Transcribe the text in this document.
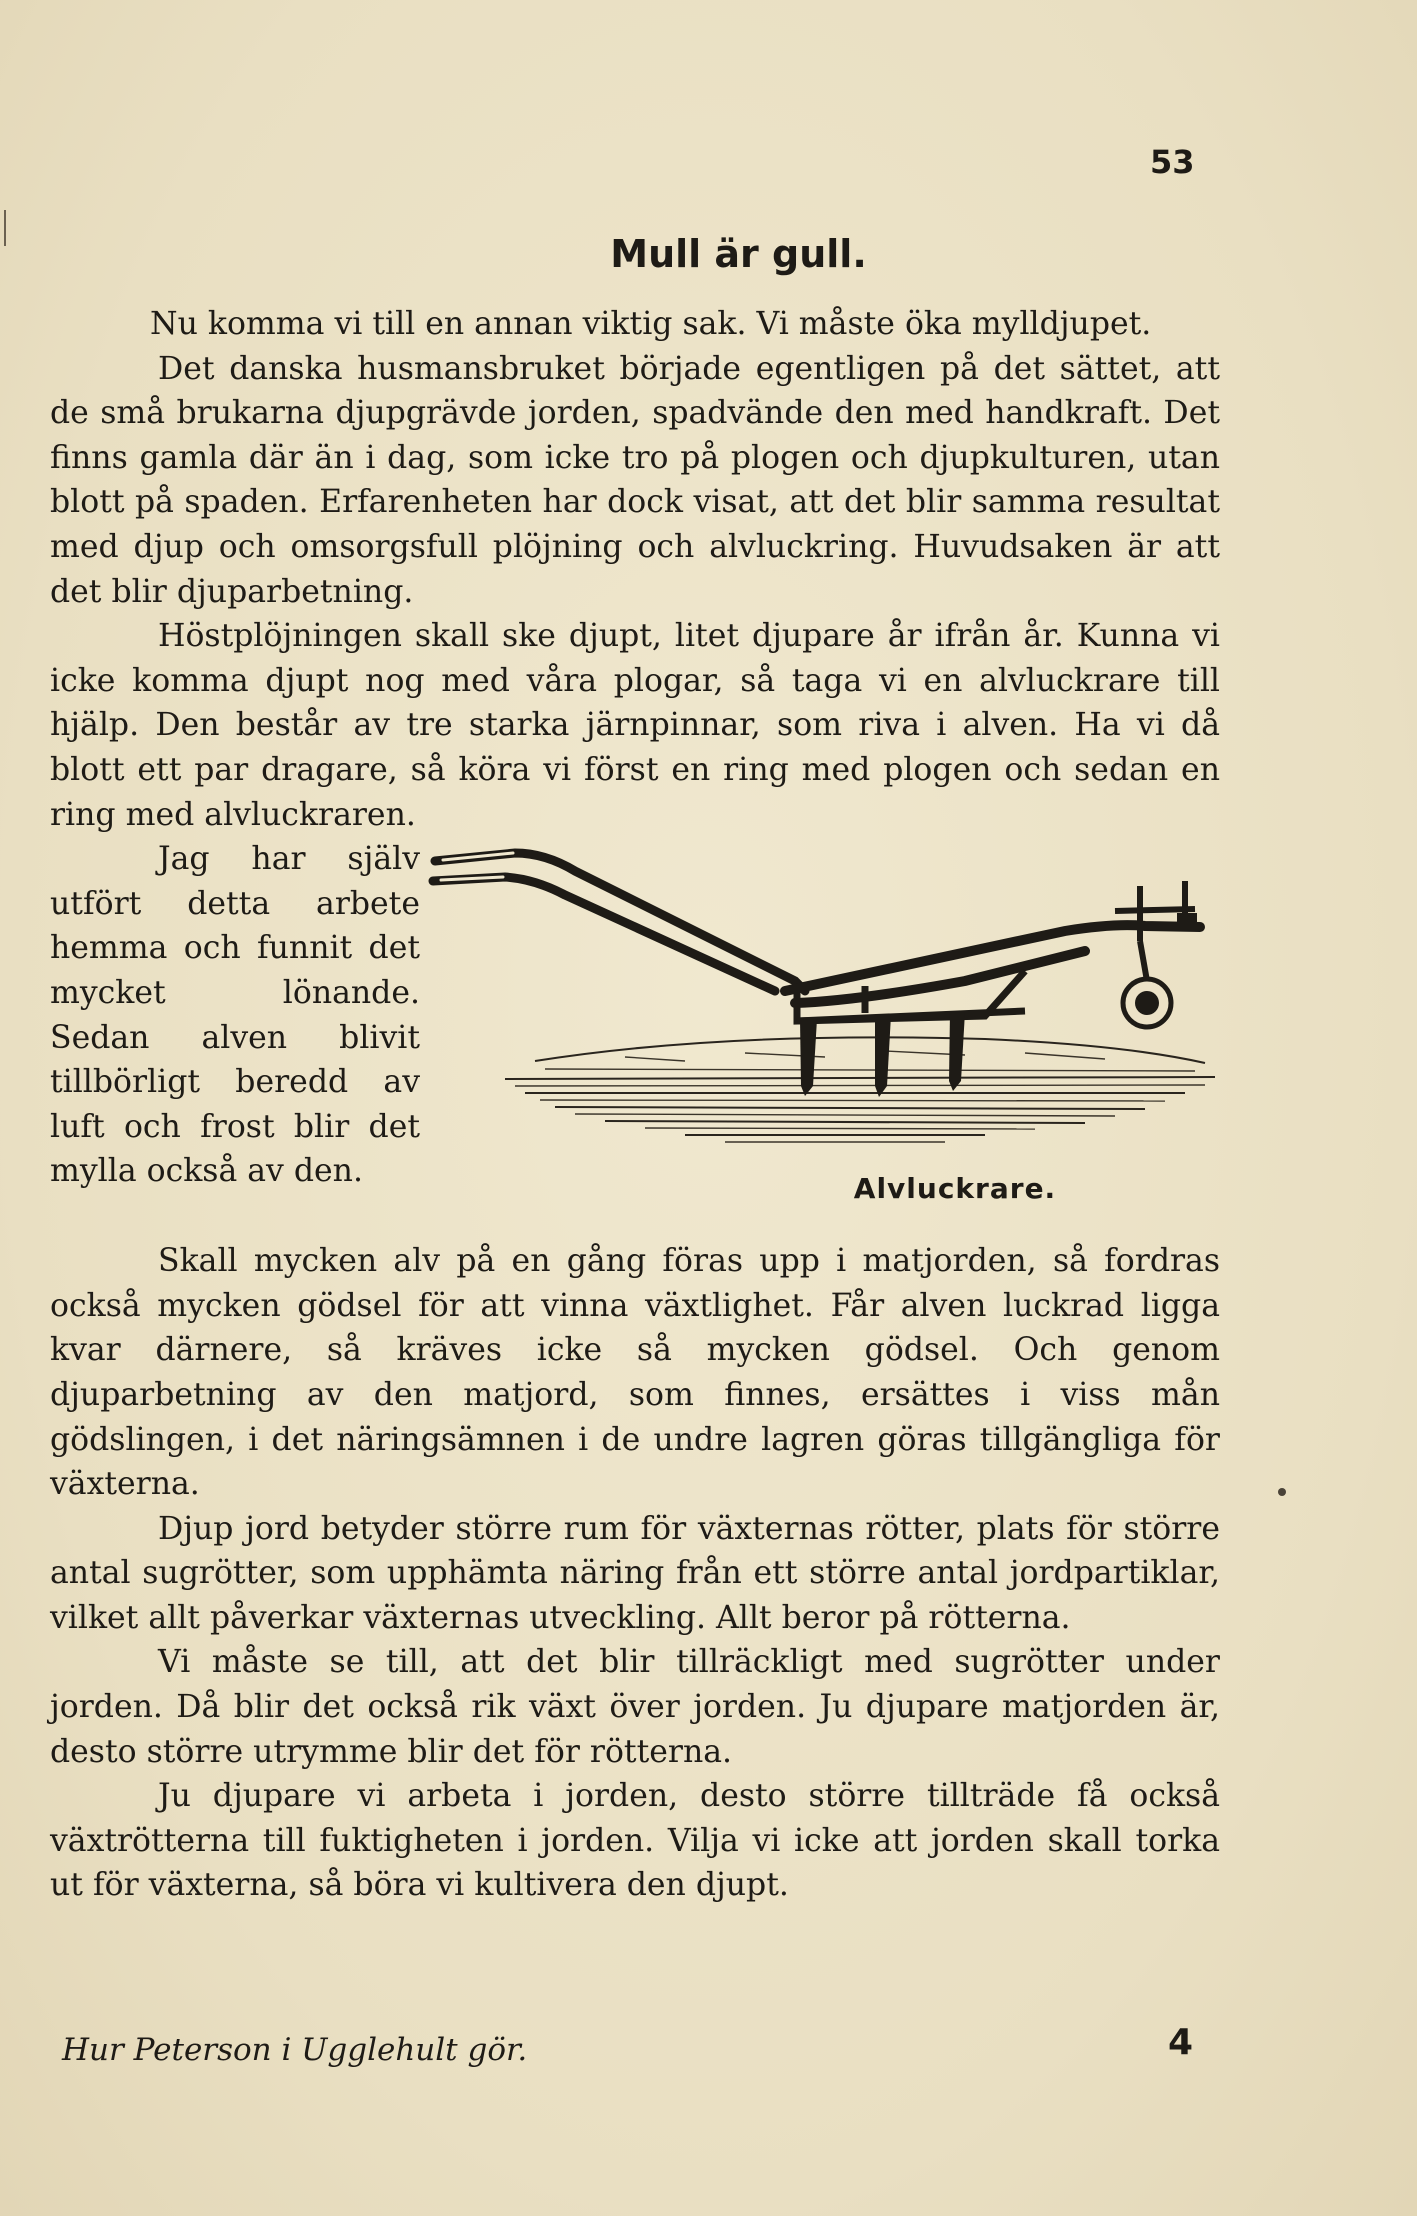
53
Mull är gull.

Nu komma vi till en annan viktig sak. Vi måste öka mylldjupet.

Det danska husmansbruket började egentligen på det sättet, att de små brukarna djupgrävde jorden, spadvände den med handkraft. Det finns gamla där än i dag, som icke tro på plogen och djupkulturen, utan blott på spaden. Erfarenheten har dock visat, att det blir samma resultat med djup och omsorgsfull plöjning och alvluckring. Huvudsaken är att det blir djuparbetning.

Höstplöjningen skall ske djupt, litet djupare år ifrån år. Kunna vi icke komma djupt nog med våra plogar, så taga vi en alvluckrare till hjälp. Den består av tre starka järnpinnar, som riva i alven. Ha vi då blott ett par dragare, så köra vi först en ring med plogen och sedan en ring med alvluckraren.

Jag har själv utfört detta arbete hemma och funnit det mycket lönande. Sedan alven blivit tillbörligt beredd av luft och frost blir det mylla också av den.	Alvluckrare.

Skall mycken alv på en gång föras upp i matjorden, så fordras också mycken gödsel för att vinna växtlighet. Får alven luckrad ligga kvar därnere, så kräves icke så mycken gödsel. Och genom djuparbetning av den matjord, som finnes, ersättes i viss mån gödslingen, i det näringsämnen i de undre lagren göras tillgängliga för växterna.

Djup jord betyder större rum för växternas rötter, plats för större antal sugrötter, som upphämta näring från ett större antal jordpartiklar, vilket allt påverkar växternas utveckling. Allt beror på rötterna.

Vi måste se till, att det blir tillräckligt med sugrötter under jorden. Då blir det också rik växt över jorden. Ju djupare matjorden är, desto större utrymme blir det för rötterna.

Ju djupare vi arbeta i jorden, desto större tillträde få också växtrötterna till fuktigheten i jorden. Vilja vi icke att jorden skall torka ut för växterna, så böra vi kultivera den djupt.

Hur Peterson i Ugglehult gör.	4
